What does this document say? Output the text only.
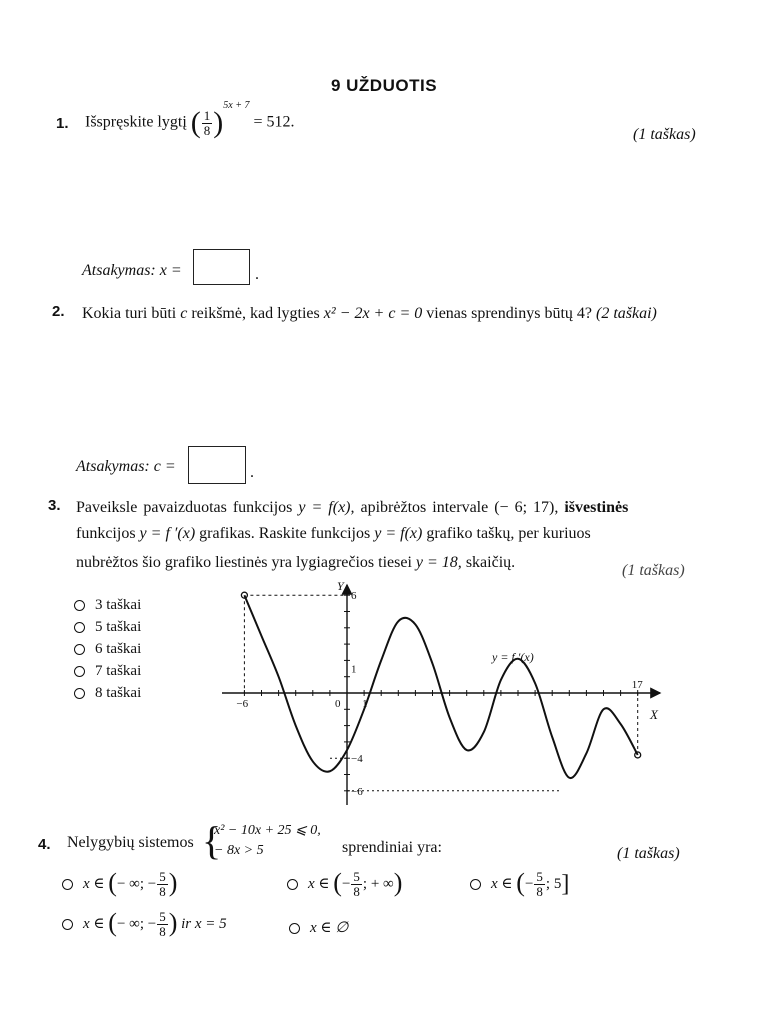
9 UŽDUOTIS
1. Išspręskite lygtį ( $\frac{1}{8} )^{5x + 7} = 512$.
(1 taškas)
Atsakymas: x =	.
2. Kokia turi būti c reikšmė, kad lygties x² − 2x + c = 0 vienas sprendinys būtų 4? (2 taškai)
Atsakymas: c =	.
3. Paveiksle pavaizduotas funkcijos y = f(x), apibrėžtos intervale (− 6; 17), išvestinės
funkcijos y = f ′(x) grafikas. Raskite funkcijos y = f(x) grafiko taškų, per kuriuos
nubrėžtos šio grafiko liestinės yra lygiagrečios tiesei y = 18, skaičių.	(1 taškas)
3 taškai
5 taškai
6 taškai
7 taškai
8 taškai
−6	0 1
17
6
1
−4
−6
Y
X
y = f ′(x)
4. Nelygybių sistemos {
x² − 10x + 25 ⩽ 0,
− 8x > 5	sprendiniai yra:	(1 taškas)
x ∈ (− ∞; − $\frac{5}{8}$ )	x ∈ (− $\frac{5}{8}$ ; + ∞)	x ∈ (− $\frac{5}{8}$ ; 5]
x ∈ (− ∞; − $\frac{5}{8}$ ) ir x = 5	x ∈ ∅
